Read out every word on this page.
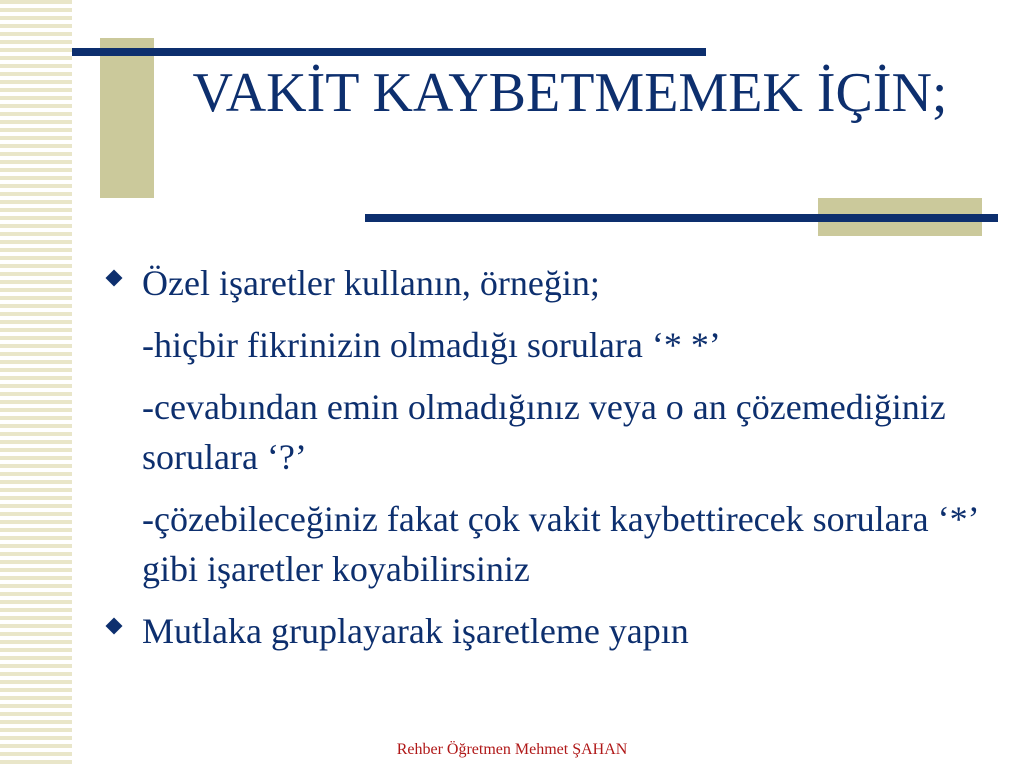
VAKİT KAYBETMEMEK İÇİN;
Özel işaretler kullanın, örneğin;
-hiçbir fikrinizin olmadığı sorulara ‘* *’
-cevabından emin olmadığınız veya o an çözemediğiniz sorulara ‘?’
-çözebileceğiniz fakat çok vakit kaybettirecek sorulara ‘*’ gibi işaretler koyabilirsiniz
Mutlaka gruplayarak işaretleme yapın
Rehber Öğretmen Mehmet ŞAHAN
